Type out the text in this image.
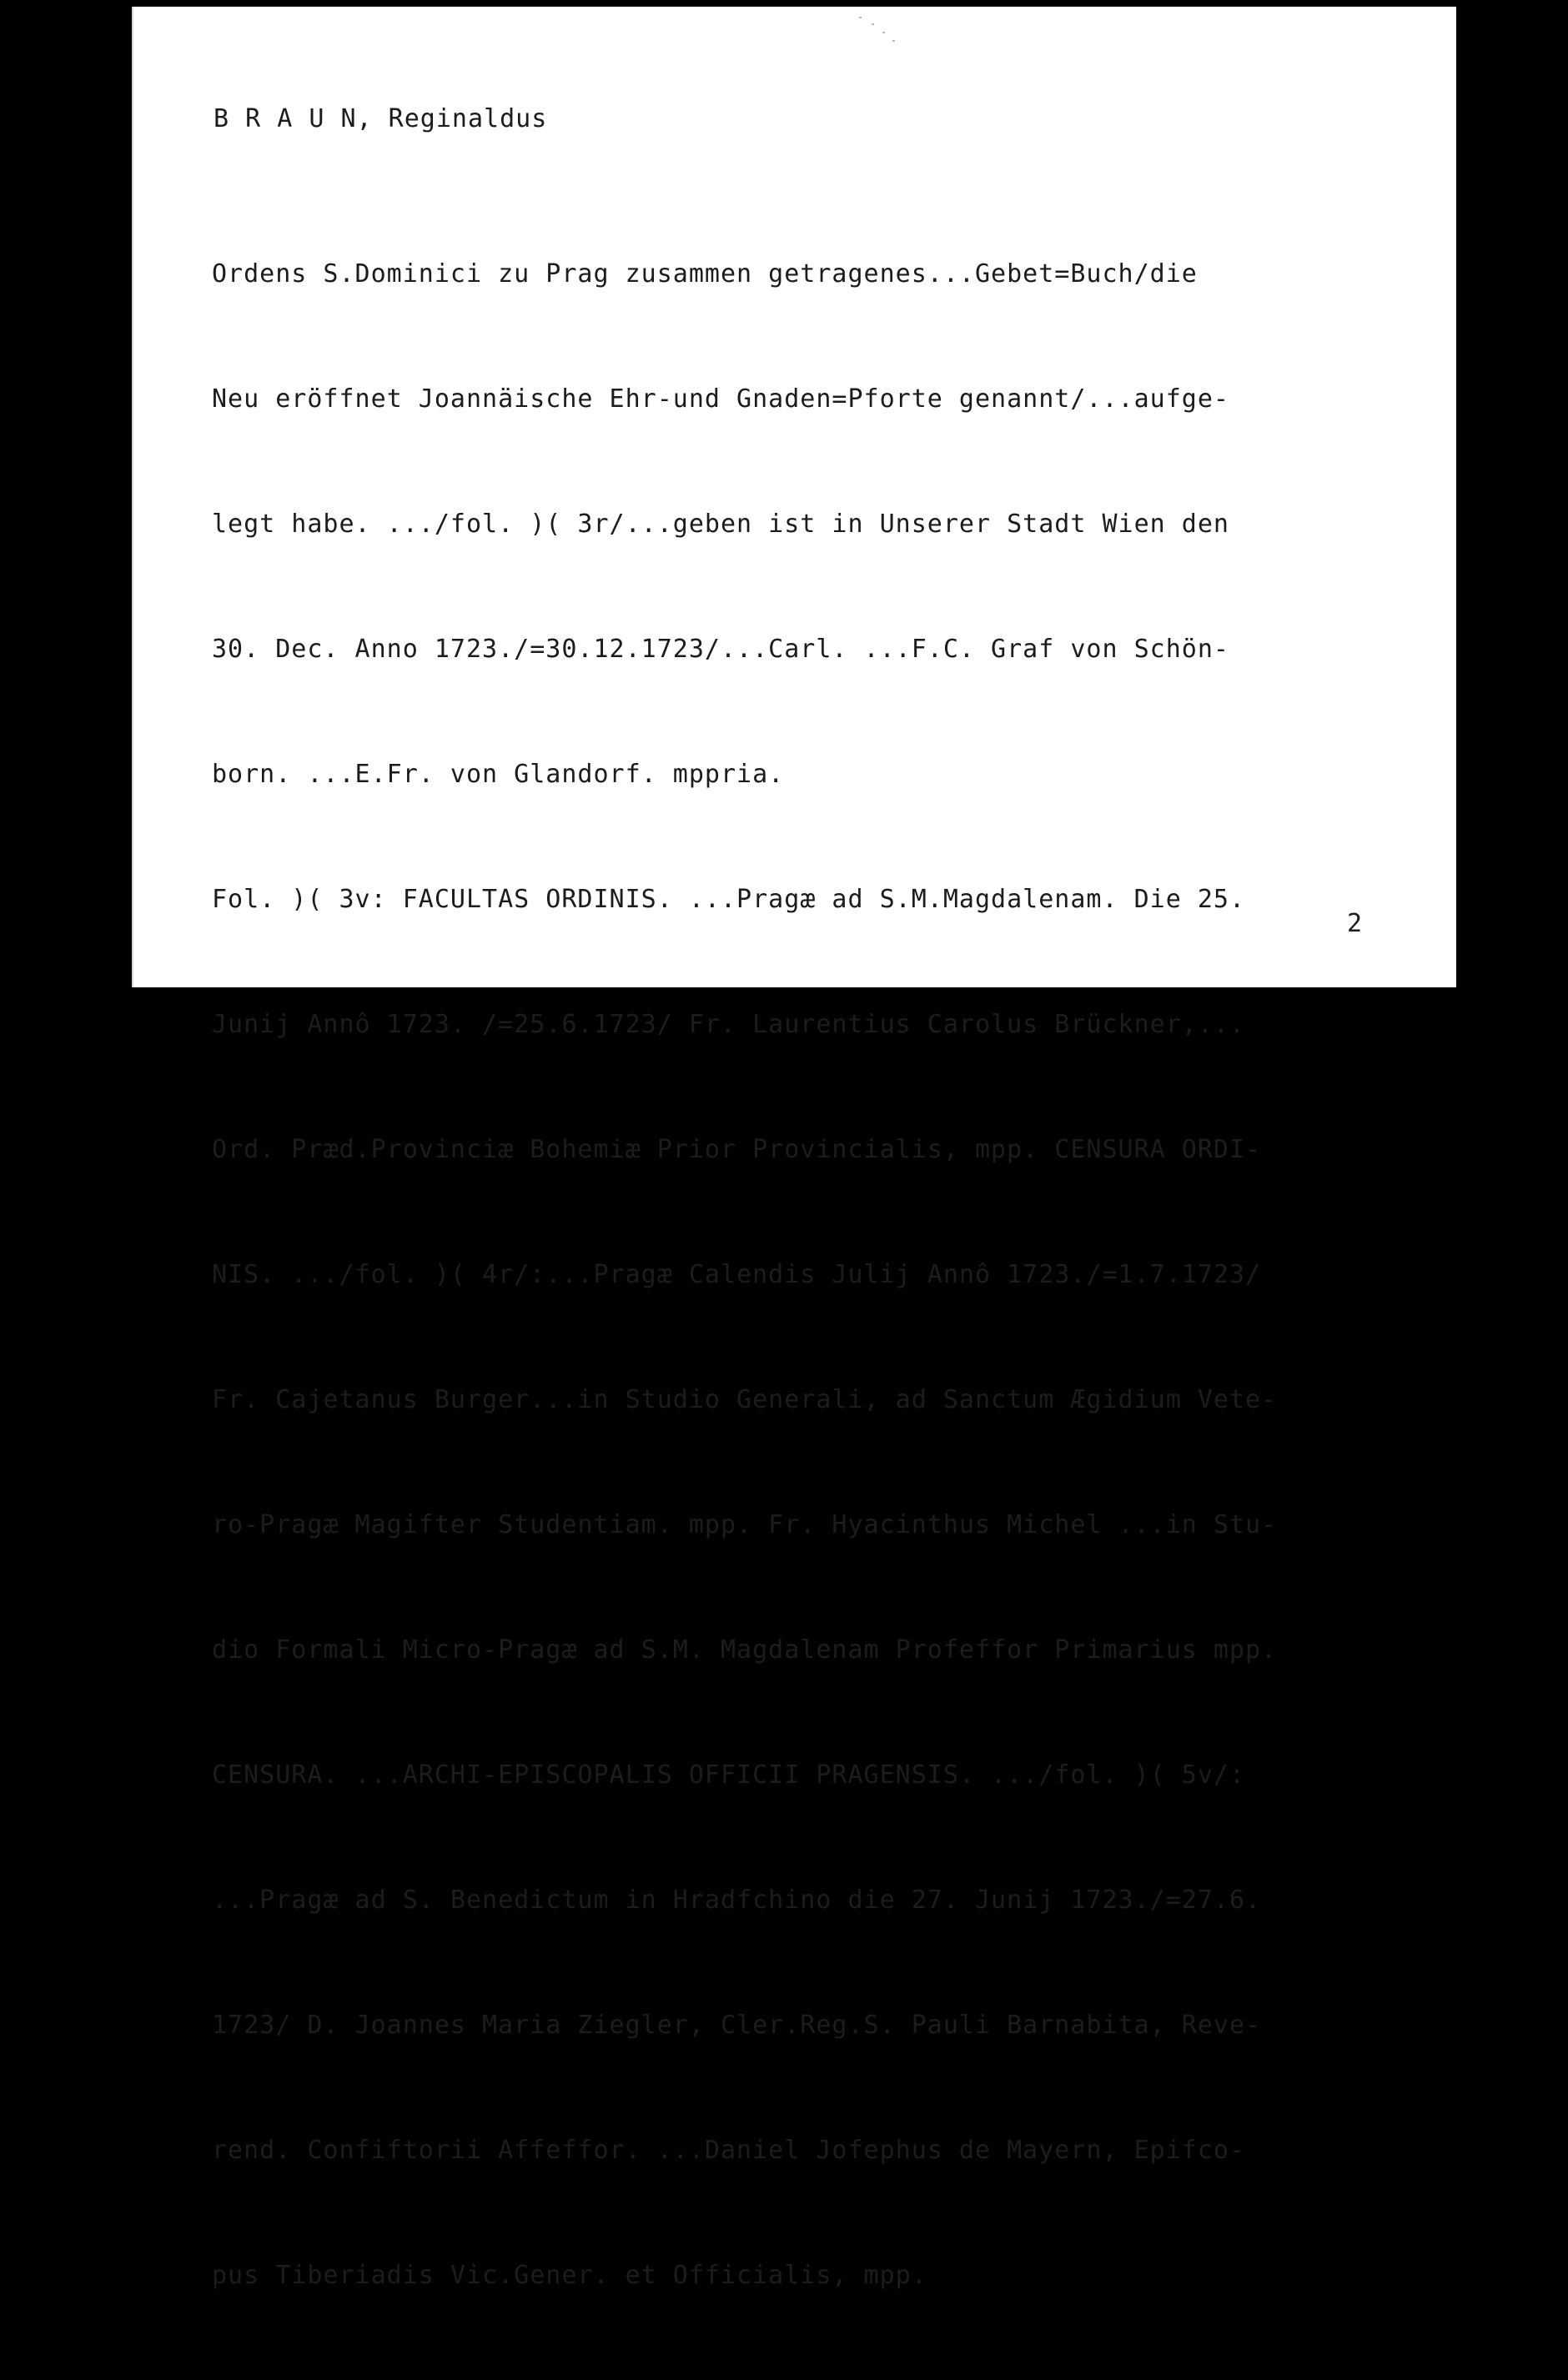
B R A U N, Reginaldus

Ordens S.Dominici zu Prag zusammen getragenes...Gebet=Buch/die

Neu eröffnet Joannäische Ehr-und Gnaden=Pforte genannt/...aufge-

legt habe. .../fol. )( 3r/...geben ist in Unserer Stadt Wien den

30. Dec. Anno 1723./=30.12.1723/...Carl. ...F.C. Graf von Schön-

born. ...E.Fr. von Glandorf. mppria.

Fol. )( 3v: FACULTAS ORDINIS. ...Pragæ ad S.M.Magdalenam. Die 25.

Junij Annô 1723. /=25.6.1723/ Fr. Laurentius Carolus Brückner,...

Ord. Præd.Provinciæ Bohemiæ Prior Provincialis, mpp. CENSURA ORDI-

NIS. .../fol. )( 4r/:...Pragæ Calendis Julij Annô 1723./=1.7.1723/

Fr. Cajetanus Burger...in Studio Generali, ad Sanctum Ægidium Vete-

ro-Pragæ Magifter Studentiam. mpp. Fr. Hyacinthus Michel ...in Stu-

dio Formali Micro-Pragæ ad S.M. Magdalenam Profeffor Primarius mpp.

CENSURA. ...ARCHI-EPISCOPALIS OFFICII PRAGENSIS. .../fol. )( 5v/:

...Pragæ ad S. Benedictum in Hradfchino die 27. Junij 1723./=27.6.

1723/ D. Joannes Maria Ziegler, Cler.Reg.S. Pauli Barnabita, Reve-

rend. Confiftorii Affeffor. ...Daniel Jofephus de Mayern, Epifco-

pus Tiberiadis Vic.Gener. et Officialis, mpp.

2
